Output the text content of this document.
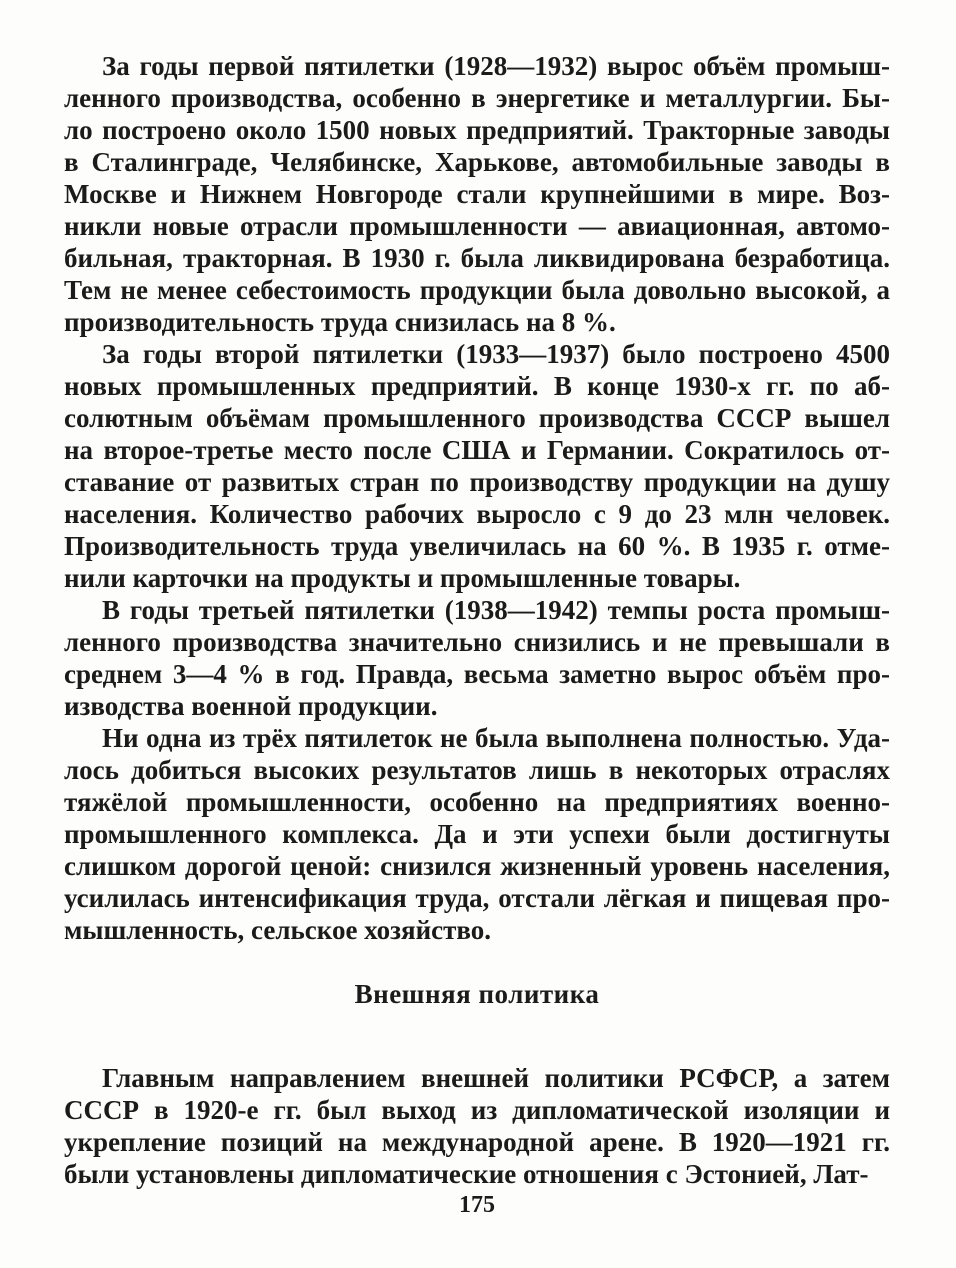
За годы первой пятилетки (1928—1932) вырос объём промыш-
ленного производства, особенно в энергетике и металлургии. Бы-
ло построено около 1500 новых предприятий. Тракторные заводы
в Сталинграде, Челябинске, Харькове, автомобильные заводы в
Москве и Нижнем Новгороде стали крупнейшими в мире. Воз-
никли новые отрасли промышленности — авиационная, автомо-
бильная, тракторная. В 1930 г. была ликвидирована безработица.
Тем не менее себестоимость продукции была довольно высокой, а
производительность труда снизилась на 8 %.
За годы второй пятилетки (1933—1937) было построено 4500
новых промышленных предприятий. В конце 1930-х гг. по аб-
солютным объёмам промышленного производства СССР вышел
на второе-третье место после США и Германии. Сократилось от-
ставание от развитых стран по производству продукции на душу
населения. Количество рабочих выросло с 9 до 23 млн человек.
Производительность труда увеличилась на 60 %. В 1935 г. отме-
нили карточки на продукты и промышленные товары.
В годы третьей пятилетки (1938—1942) темпы роста промыш-
ленного производства значительно снизились и не превышали в
среднем 3—4 % в год. Правда, весьма заметно вырос объём про-
изводства военной продукции.
Ни одна из трёх пятилеток не была выполнена полностью. Уда-
лось добиться высоких результатов лишь в некоторых отраслях
тяжёлой промышленности, особенно на предприятиях военно-
промышленного комплекса. Да и эти успехи были достигнуты
слишком дорогой ценой: снизился жизненный уровень населения,
усилилась интенсификация труда, отстали лёгкая и пищевая про-
мышленность, сельское хозяйство.
Внешняя политика
Главным направлением внешней политики РСФСР, а затем
СССР в 1920-е гг. был выход из дипломатической изоляции и
укрепление позиций на международной арене. В 1920—1921 гг.
были установлены дипломатические отношения с Эстонией, Лат-
175
